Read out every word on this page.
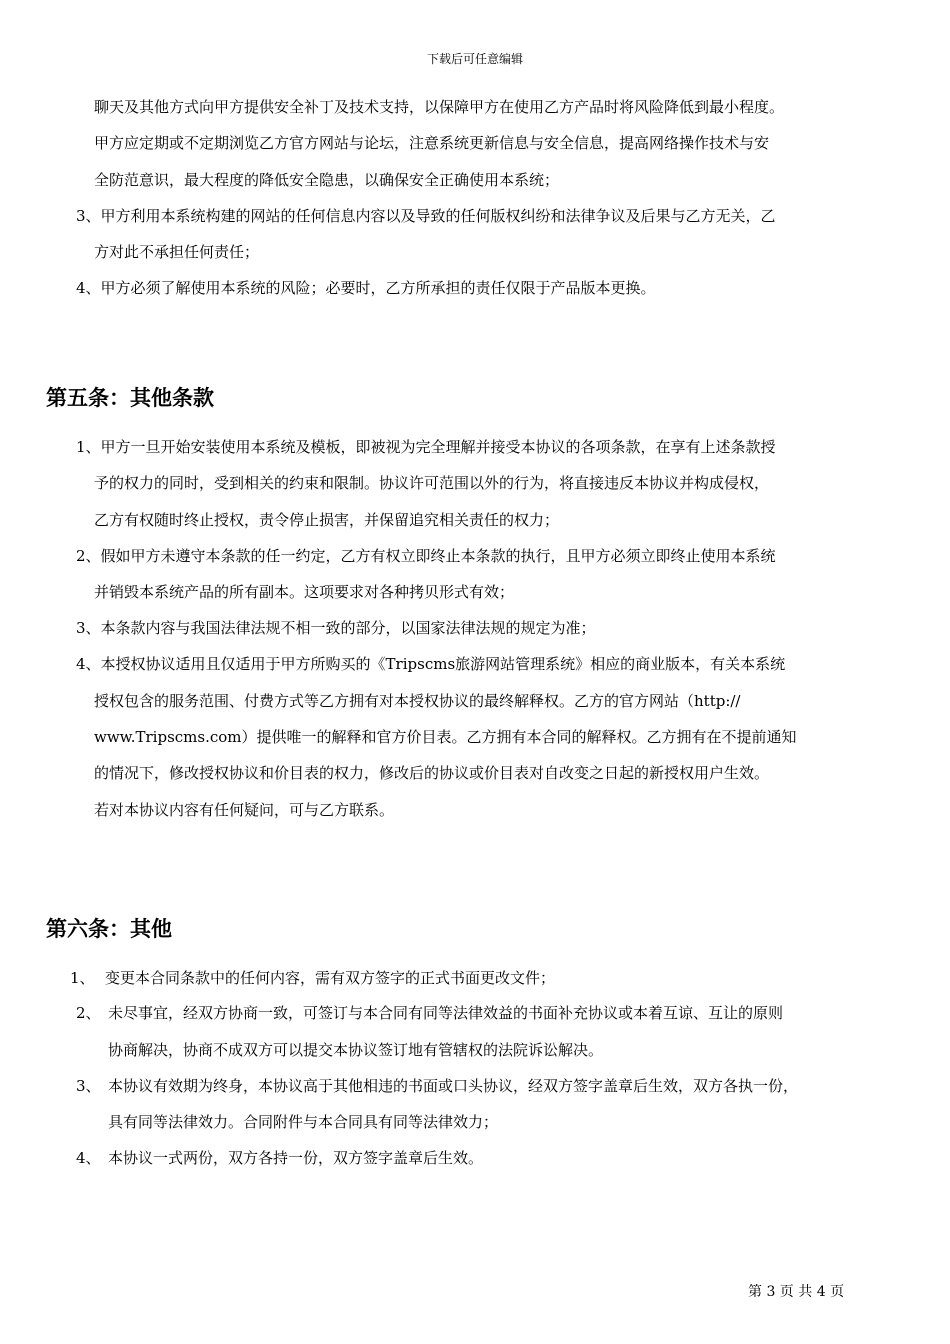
下载后可任意编辑
聊天及其他方式向甲方提供安全补丁及技术支持，以保障甲方在使用乙方产品时将风险降低到最小程度。
甲方应定期或不定期浏览乙方官方网站与论坛，注意系统更新信息与安全信息，提高网络操作技术与安
全防范意识，最大程度的降低安全隐患，以确保安全正确使用本系统；
3、甲方利用本系统构建的网站的任何信息内容以及导致的任何版权纠纷和法律争议及后果与乙方无关，乙
方对此不承担任何责任；
4、甲方必须了解使用本系统的风险；必要时，乙方所承担的责任仅限于产品版本更换。
第五条：其他条款
1、甲方一旦开始安装使用本系统及模板，即被视为完全理解并接受本协议的各项条款，在享有上述条款授
予的权力的同时，受到相关的约束和限制。协议许可范围以外的行为，将直接违反本协议并构成侵权，
乙方有权随时终止授权，责令停止损害，并保留追究相关责任的权力；
2、假如甲方未遵守本条款的任一约定，乙方有权立即终止本条款的执行，且甲方必须立即终止使用本系统
并销毁本系统产品的所有副本。这项要求对各种拷贝形式有效；
3、本条款内容与我国法律法规不相一致的部分，以国家法律法规的规定为准；
4、本授权协议适用且仅适用于甲方所购买的《Tripscms旅游网站管理系统》相应的商业版本，有关本系统
授权包含的服务范围、付费方式等乙方拥有对本授权协议的最终解释权。乙方的官方网站（http://
www.Tripscms.com）提供唯一的解释和官方价目表。乙方拥有本合同的解释权。乙方拥有在不提前通知
的情况下，修改授权协议和价目表的权力，修改后的协议或价目表对自改变之日起的新授权用户生效。
若对本协议内容有任何疑问，可与乙方联系。
第六条：其他
1、 变更本合同条款中的任何内容，需有双方签字的正式书面更改文件；
2、 未尽事宜，经双方协商一致，可签订与本合同有同等法律效益的书面补充协议或本着互谅、互让的原则
协商解决，协商不成双方可以提交本协议签订地有管辖权的法院诉讼解决。
3、 本协议有效期为终身，本协议高于其他相违的书面或口头协议，经双方签字盖章后生效，双方各执一份，
具有同等法律效力。合同附件与本合同具有同等法律效力；
4、 本协议一式两份，双方各持一份，双方签字盖章后生效。
第 3 页 共 4 页
